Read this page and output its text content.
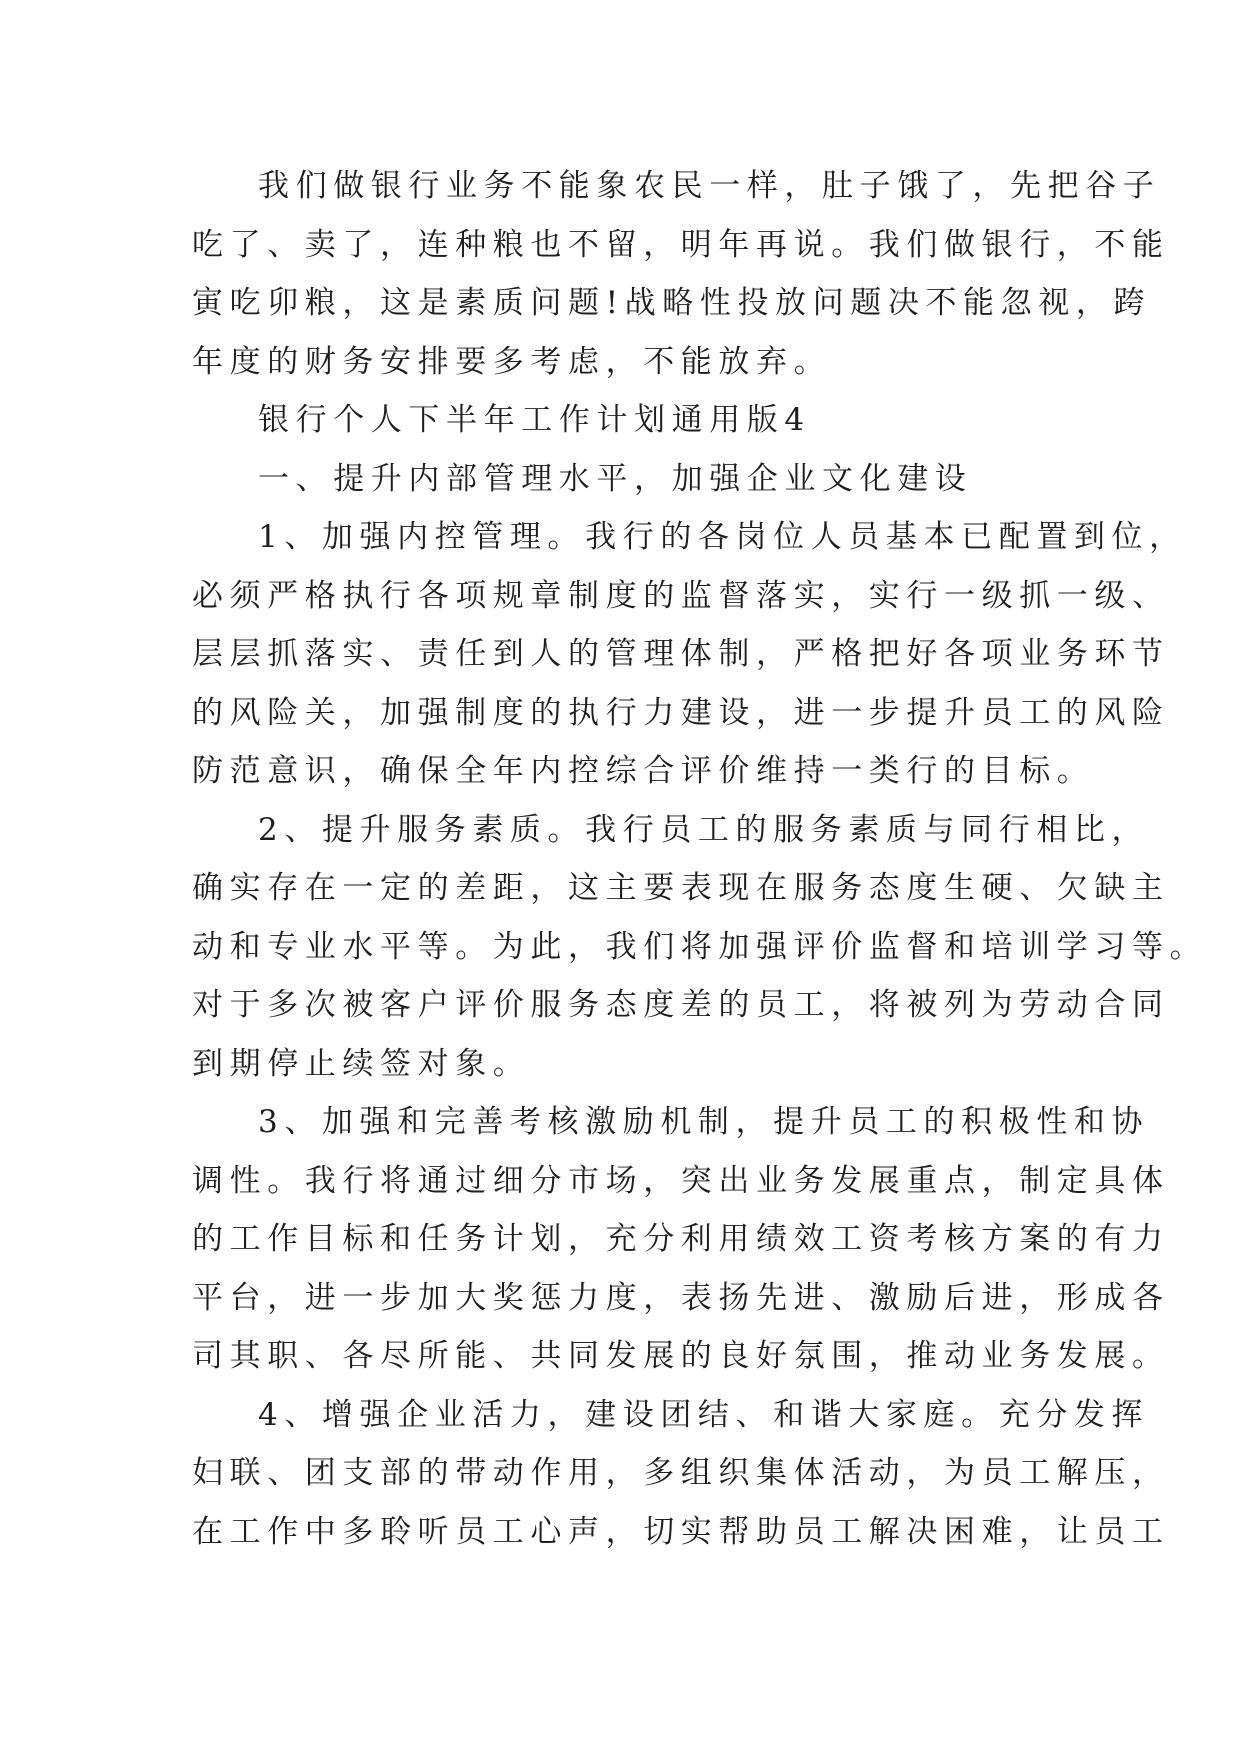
我们做银行业务不能象农民一样，肚子饿了，先把谷子
吃了、卖了，连种粮也不留，明年再说。我们做银行，不能
寅吃卯粮，这是素质问题!战略性投放问题决不能忽视，跨
年度的财务安排要多考虑，不能放弃。
银行个人下半年工作计划通用版4
一、提升内部管理水平，加强企业文化建设
1、加强内控管理。我行的各岗位人员基本已配置到位，
必须严格执行各项规章制度的监督落实，实行一级抓一级、
层层抓落实、责任到人的管理体制，严格把好各项业务环节
的风险关，加强制度的执行力建设，进一步提升员工的风险
防范意识，确保全年内控综合评价维持一类行的目标。
2、提升服务素质。我行员工的服务素质与同行相比，
确实存在一定的差距，这主要表现在服务态度生硬、欠缺主
动和专业水平等。为此，我们将加强评价监督和培训学习等。
对于多次被客户评价服务态度差的员工，将被列为劳动合同
到期停止续签对象。
3、加强和完善考核激励机制，提升员工的积极性和协
调性。我行将通过细分市场，突出业务发展重点，制定具体
的工作目标和任务计划，充分利用绩效工资考核方案的有力
平台，进一步加大奖惩力度，表扬先进、激励后进，形成各
司其职、各尽所能、共同发展的良好氛围，推动业务发展。
4、增强企业活力，建设团结、和谐大家庭。充分发挥
妇联、团支部的带动作用，多组织集体活动，为员工解压，
在工作中多聆听员工心声，切实帮助员工解决困难，让员工
